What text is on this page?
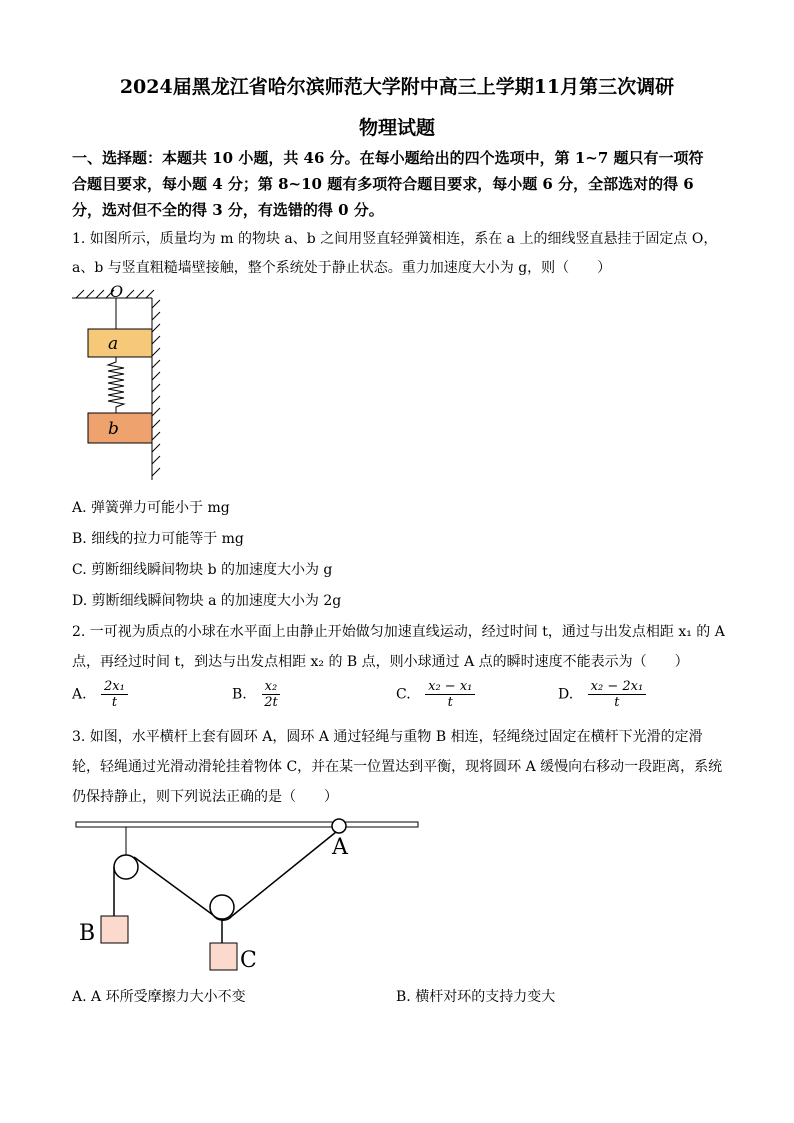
2024届黑龙江省哈尔滨师范大学附中高三上学期11月第三次调研
物理试题
一、选择题：本题共 10 小题，共 46 分。在每小题给出的四个选项中，第 1~7 题只有一项符
合题目要求，每小题 4 分；第 8~10 题有多项符合题目要求，每小题 6 分，全部选对的得 6
分，选对但不全的得 3 分，有选错的得 0 分。
1. 如图所示，质量均为 m 的物块 a、b 之间用竖直轻弹簧相连，系在 a 上的细线竖直悬挂于固定点 O，
a、b 与竖直粗糙墙壁接触，整个系统处于静止状态。重力加速度大小为 g，则（　　）
O
a
b
A. 弹簧弹力可能小于 mg
B. 细线的拉力可能等于 mg
C. 剪断细线瞬间物块 b 的加速度大小为 g
D. 剪断细线瞬间物块 a 的加速度大小为 2g
2. 一可视为质点的小球在水平面上由静止开始做匀加速直线运动，经过时间 t，通过与出发点相距 x₁ 的 A
点，再经过时间 t，到达与出发点相距 x₂ 的 B 点，则小球通过 A 点的瞬时速度不能表示为（　　）
A. $\frac{\text{2x₁}}{t}$	B. $\frac{\text{x₂}}{2t}$	C. $\frac{\text{x₂ − x₁}}{t}$	D. $\frac{\text{x₂ − 2x₁}}{t}$
3. 如图，水平横杆上套有圆环 A，圆环 A 通过轻绳与重物 B 相连，轻绳绕过固定在横杆下光滑的定滑
轮，轻绳通过光滑动滑轮挂着物体 C，并在某一位置达到平衡，现将圆环 A 缓慢向右移动一段距离，系统
仍保持静止，则下列说法正确的是（　　）
A
B
C
A. A 环所受摩擦力大小不变	B. 横杆对环的支持力变大
